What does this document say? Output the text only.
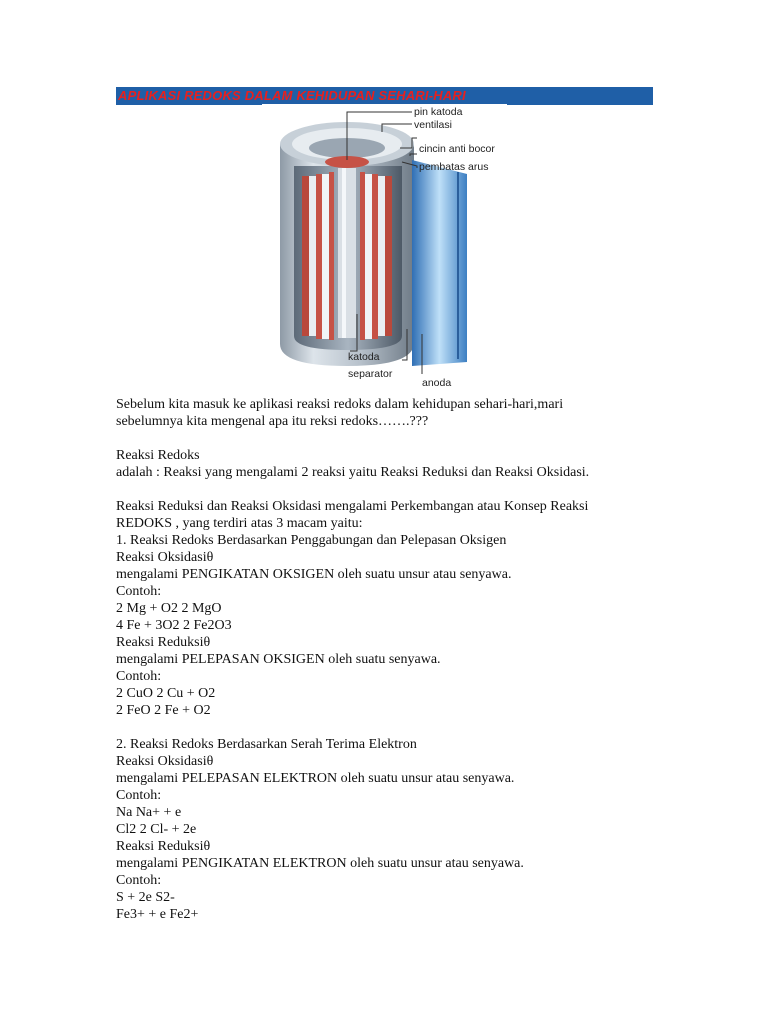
APLIKASI REDOKS DALAM KEHIDUPAN SEHARI-HARI
pin katoda
ventilasi
cincin anti bocor
pembatas arus
katoda
separator
anoda

Sebelum kita masuk ke aplikasi reaksi redoks dalam kehidupan sehari-hari,mari

sebelumnya kita mengenal apa itu reksi redoks…….???

Reaksi Redoks

adalah : Reaksi yang mengalami 2 reaksi yaitu Reaksi Reduksi dan Reaksi Oksidasi.

Reaksi Reduksi dan Reaksi Oksidasi mengalami Perkembangan atau Konsep Reaksi

REDOKS , yang terdiri atas 3 macam yaitu:

1. Reaksi Redoks Berdasarkan Penggabungan dan Pelepasan Oksigen

Reaksi Oksidasiθ

mengalami PENGIKATAN OKSIGEN oleh suatu unsur atau senyawa.

Contoh:

2 Mg + O2 2 MgO

4 Fe + 3O2 2 Fe2O3

Reaksi Reduksiθ

mengalami PELEPASAN OKSIGEN oleh suatu senyawa.

Contoh:

2 CuO 2 Cu + O2

2 FeO 2 Fe + O2

2. Reaksi Redoks Berdasarkan Serah Terima Elektron

Reaksi Oksidasiθ

mengalami PELEPASAN ELEKTRON oleh suatu unsur atau senyawa.

Contoh:

Na Na+ + e

Cl2 2 Cl- + 2e

Reaksi Reduksiθ

mengalami PENGIKATAN ELEKTRON oleh suatu unsur atau senyawa.

Contoh:

S + 2e S2-

Fe3+ + e Fe2+
